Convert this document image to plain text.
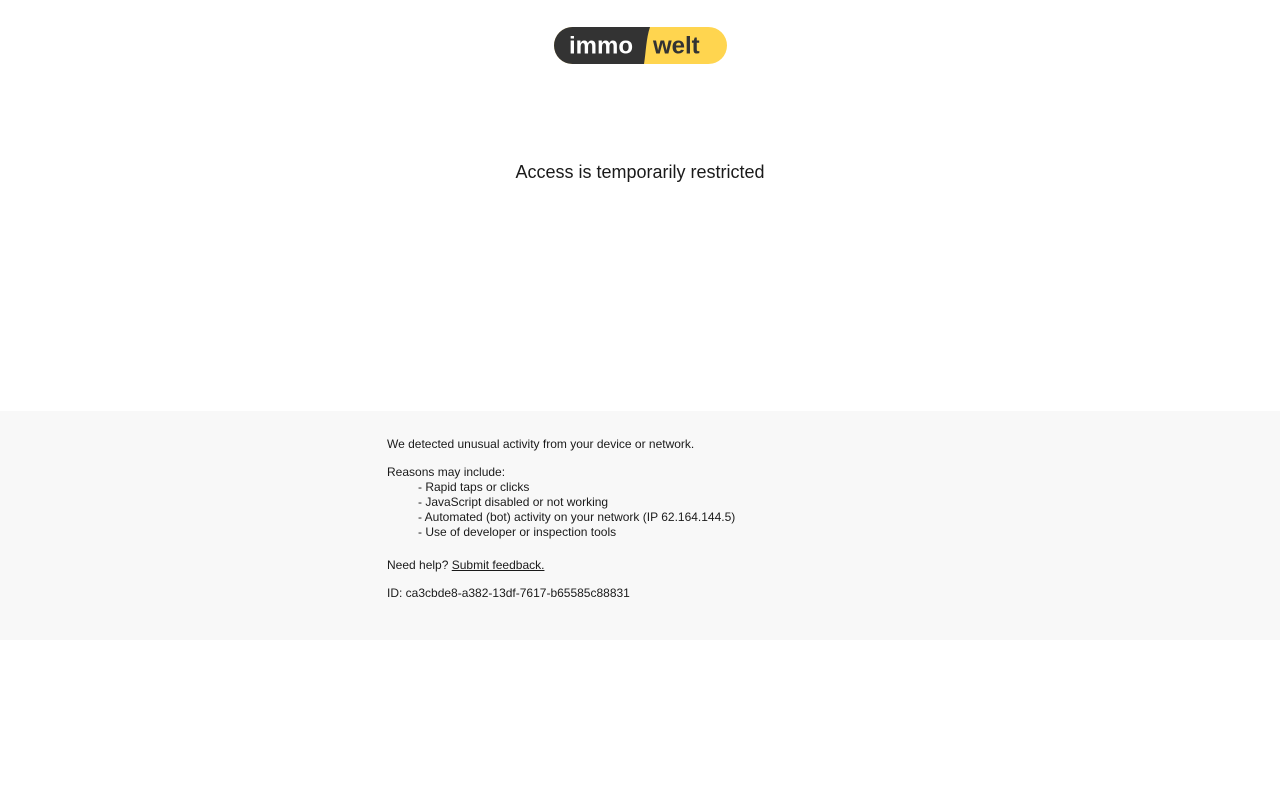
immo welt
Access is temporarily restricted

We detected unusual activity from your device or network.

Reasons may include:

- Rapid taps or clicks
- JavaScript disabled or not working
- Automated (bot) activity on your network (IP 62.164.144.5)
- Use of developer or inspection tools

Need help? Submit feedback.

ID: ca3cbde8-a382-13df-7617-b65585c88831
